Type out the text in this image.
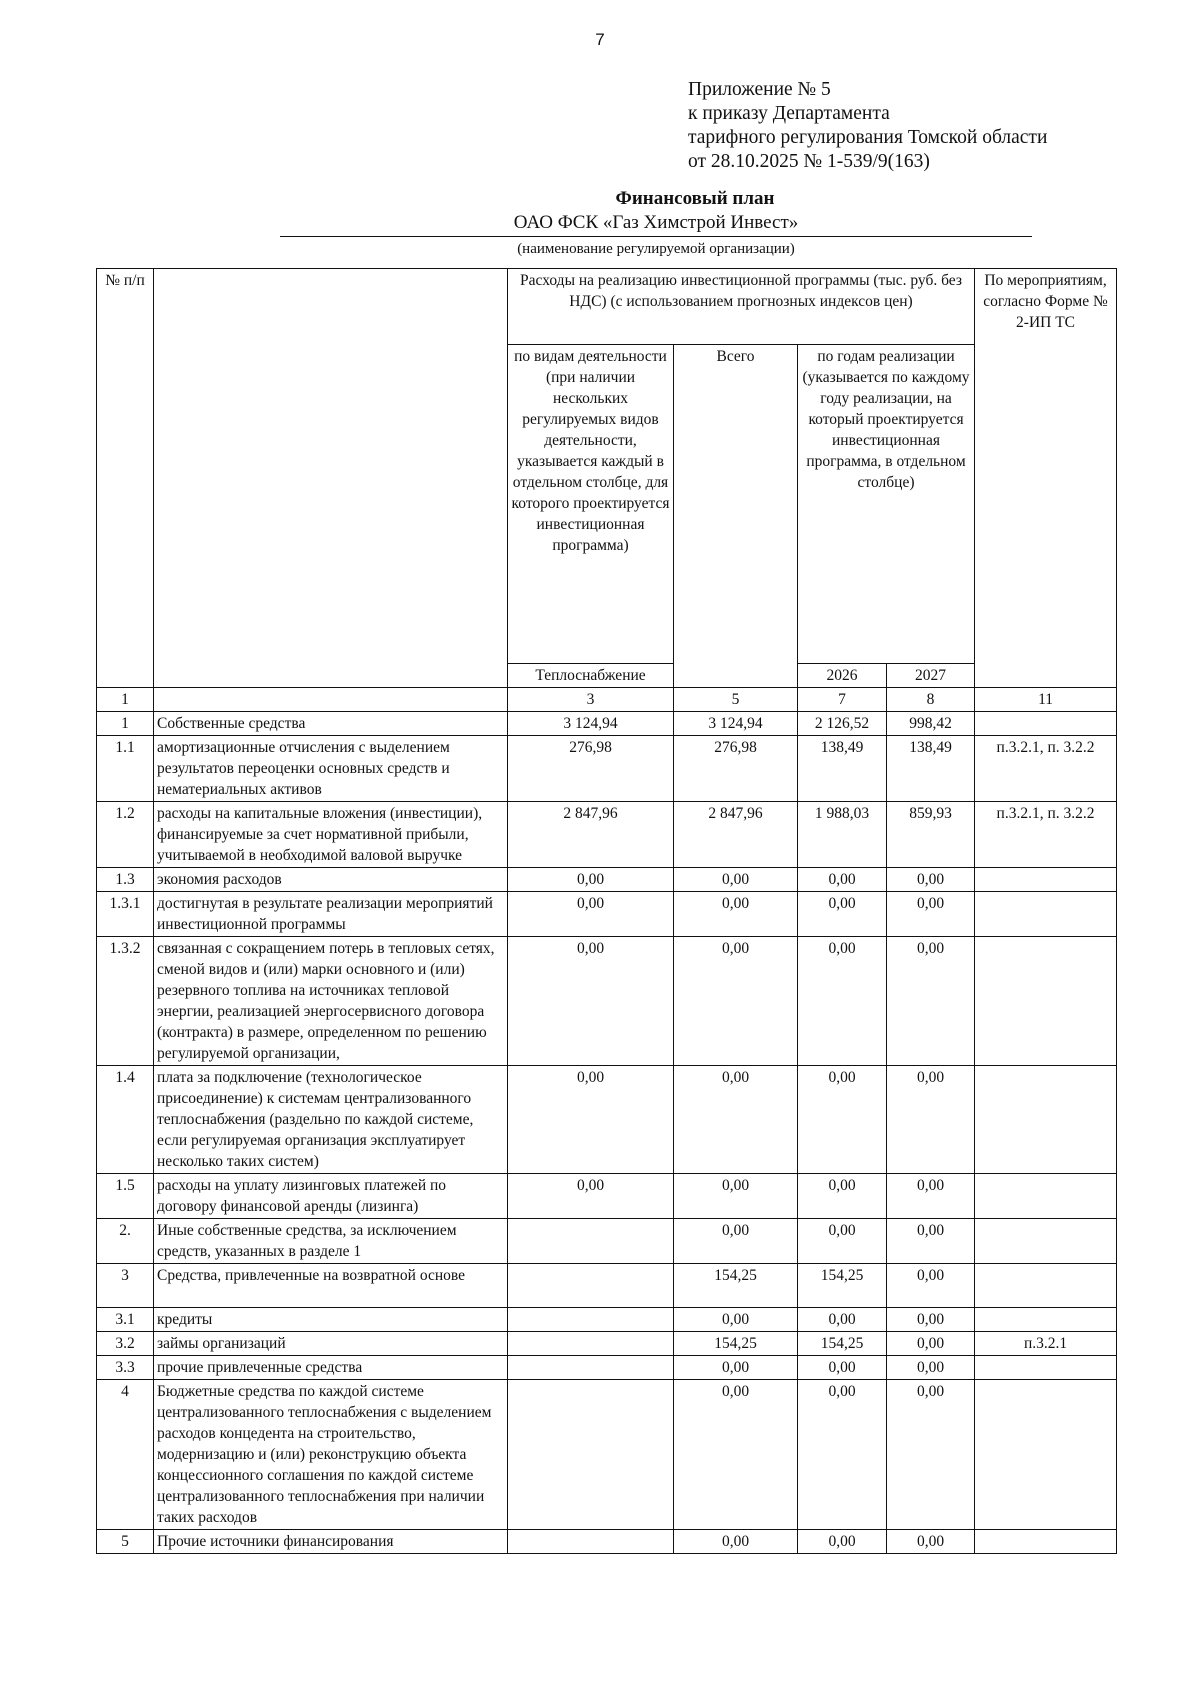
7
Приложение № 5
к приказу Департамента
тарифного регулирования Томской области
от 28.10.2025 № 1-539/9(163)
Финансовый план
ОАО ФСК «Газ Химстрой Инвест»
(наименование регулируемой организации)
№ п/п		Расходы на реализацию инвестиционной программы (тыс. руб. без НДС) (с использованием прогнозных индексов цен)				По мероприятиям, согласно Форме № 2-ИП ТС
		по видам деятельности (при наличии нескольких регулируемых видов деятельности, указывается каждый в отдельном столбце, для которого проектируется инвестиционная программа)	Всего	по годам реализации (указывается по каждому году реализации, на который проектируется инвестиционная программа, в отдельном столбце)		
		Теплоснабжение		2026	2027	
1		3	5	7	8	11
1	Собственные средства	3 124,94	3 124,94	2 126,52	998,42	
1.1	амортизационные отчисления с выделением результатов переоценки основных средств и нематериальных активов	276,98	276,98	138,49	138,49	п.3.2.1, п. 3.2.2
1.2	расходы на капитальные вложения (инвестиции), финансируемые за счет нормативной прибыли, учитываемой в необходимой валовой выручке	2 847,96	2 847,96	1 988,03	859,93	п.3.2.1, п. 3.2.2
1.3	экономия расходов	0,00	0,00	0,00	0,00	
1.3.1	достигнутая в результате реализации мероприятий инвестиционной программы	0,00	0,00	0,00	0,00	
1.3.2	связанная с сокращением потерь в тепловых сетях, сменой видов и (или) марки основного и (или) резервного топлива на источниках тепловой энергии, реализацией энергосервисного договора (контракта) в размере, определенном по решению регулируемой организации,	0,00	0,00	0,00	0,00	
1.4	плата за подключение (технологическое присоединение) к системам централизованного теплоснабжения (раздельно по каждой системе, если регулируемая организация эксплуатирует несколько таких систем)	0,00	0,00	0,00	0,00	
1.5	расходы на уплату лизинговых платежей по договору финансовой аренды (лизинга)	0,00	0,00	0,00	0,00	
2.	Иные собственные средства, за исключением средств, указанных в разделе 1		0,00	0,00	0,00	
3	Средства, привлеченные на возвратной основе		154,25	154,25	0,00	
3.1	кредиты		0,00	0,00	0,00	
3.2	займы организаций		154,25	154,25	0,00	п.3.2.1
3.3	прочие привлеченные средства		0,00	0,00	0,00	
4	Бюджетные средства по каждой системе централизованного теплоснабжения с выделением расходов концедента на строительство, модернизацию и (или) реконструкцию объекта концессионного соглашения по каждой системе централизованного теплоснабжения при наличии таких расходов		0,00	0,00	0,00	
5	Прочие источники финансирования		0,00	0,00	0,00	
